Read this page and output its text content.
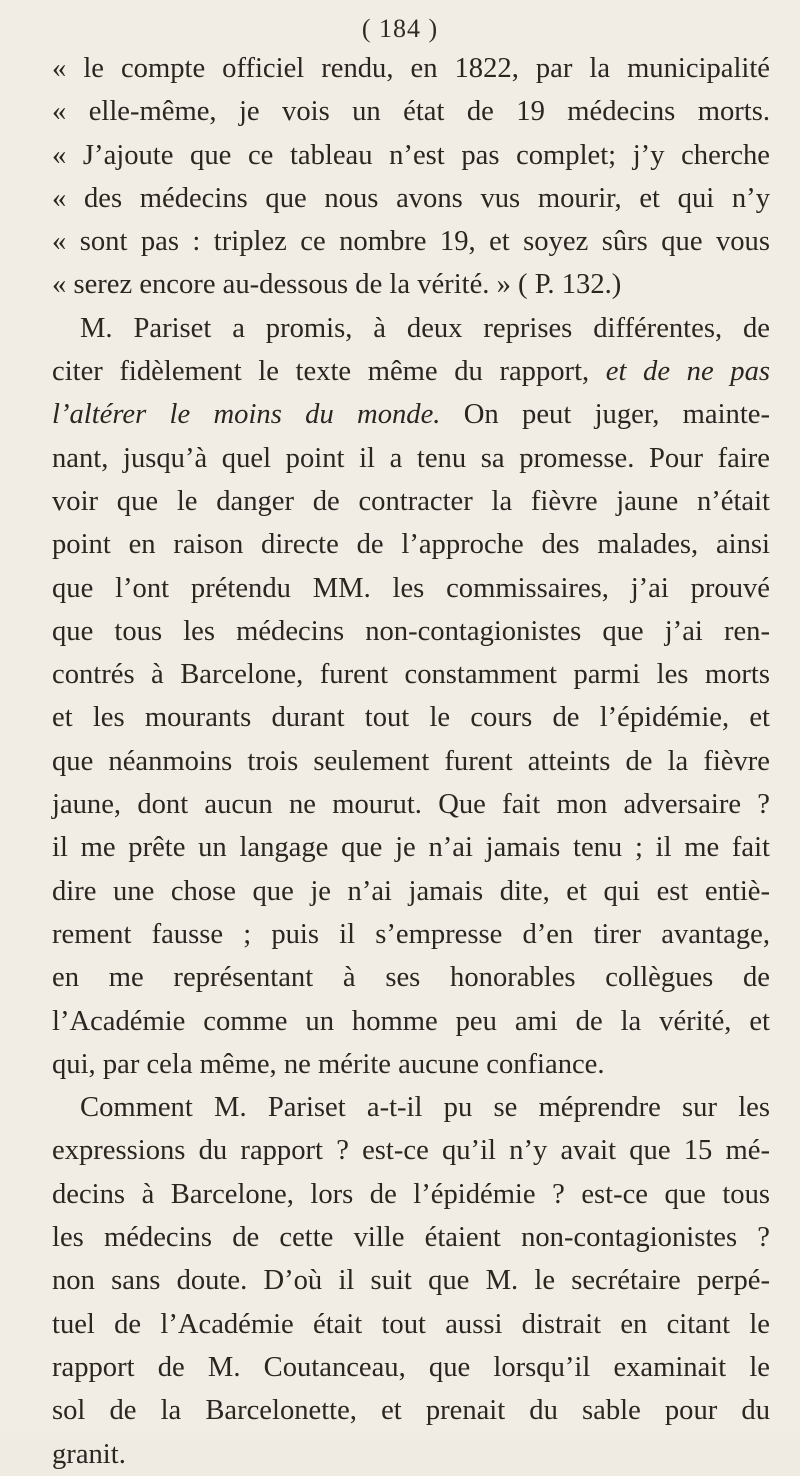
( 184 )
« le compte officiel rendu, en 1822, par la municipalité
« elle-même, je vois un état de 19 médecins morts.
« J’ajoute que ce tableau n’est pas complet; j’y cherche
« des médecins que nous avons vus mourir, et qui n’y
« sont pas : triplez ce nombre 19, et soyez sûrs que vous
« serez encore au-dessous de la vérité. » ( P. 132.)
M. Pariset a promis, à deux reprises différentes, de
citer fidèlement le texte même du rapport, et de ne pas
l’altérer le moins du monde. On peut juger, mainte-
nant, jusqu’à quel point il a tenu sa promesse. Pour faire
voir que le danger de contracter la fièvre jaune n’était
point en raison directe de l’approche des malades, ainsi
que l’ont prétendu MM. les commissaires, j’ai prouvé
que tous les médecins non-contagionistes que j’ai ren-
contrés à Barcelone, furent constamment parmi les morts
et les mourants durant tout le cours de l’épidémie, et
que néanmoins trois seulement furent atteints de la fièvre
jaune, dont aucun ne mourut. Que fait mon adversaire ?
il me prête un langage que je n’ai jamais tenu ; il me fait
dire une chose que je n’ai jamais dite, et qui est entiè-
rement fausse ; puis il s’empresse d’en tirer avantage,
en me représentant à ses honorables collègues de
l’Académie comme un homme peu ami de la vérité, et
qui, par cela même, ne mérite aucune confiance.
Comment M. Pariset a-t-il pu se méprendre sur les
expressions du rapport ? est-ce qu’il n’y avait que 15 mé-
decins à Barcelone, lors de l’épidémie ? est-ce que tous
les médecins de cette ville étaient non-contagionistes ?
non sans doute. D’où il suit que M. le secrétaire perpé-
tuel de l’Académie était tout aussi distrait en citant le
rapport de M. Coutanceau, que lorsqu’il examinait le
sol de la Barcelonette, et prenait du sable pour du
granit.
